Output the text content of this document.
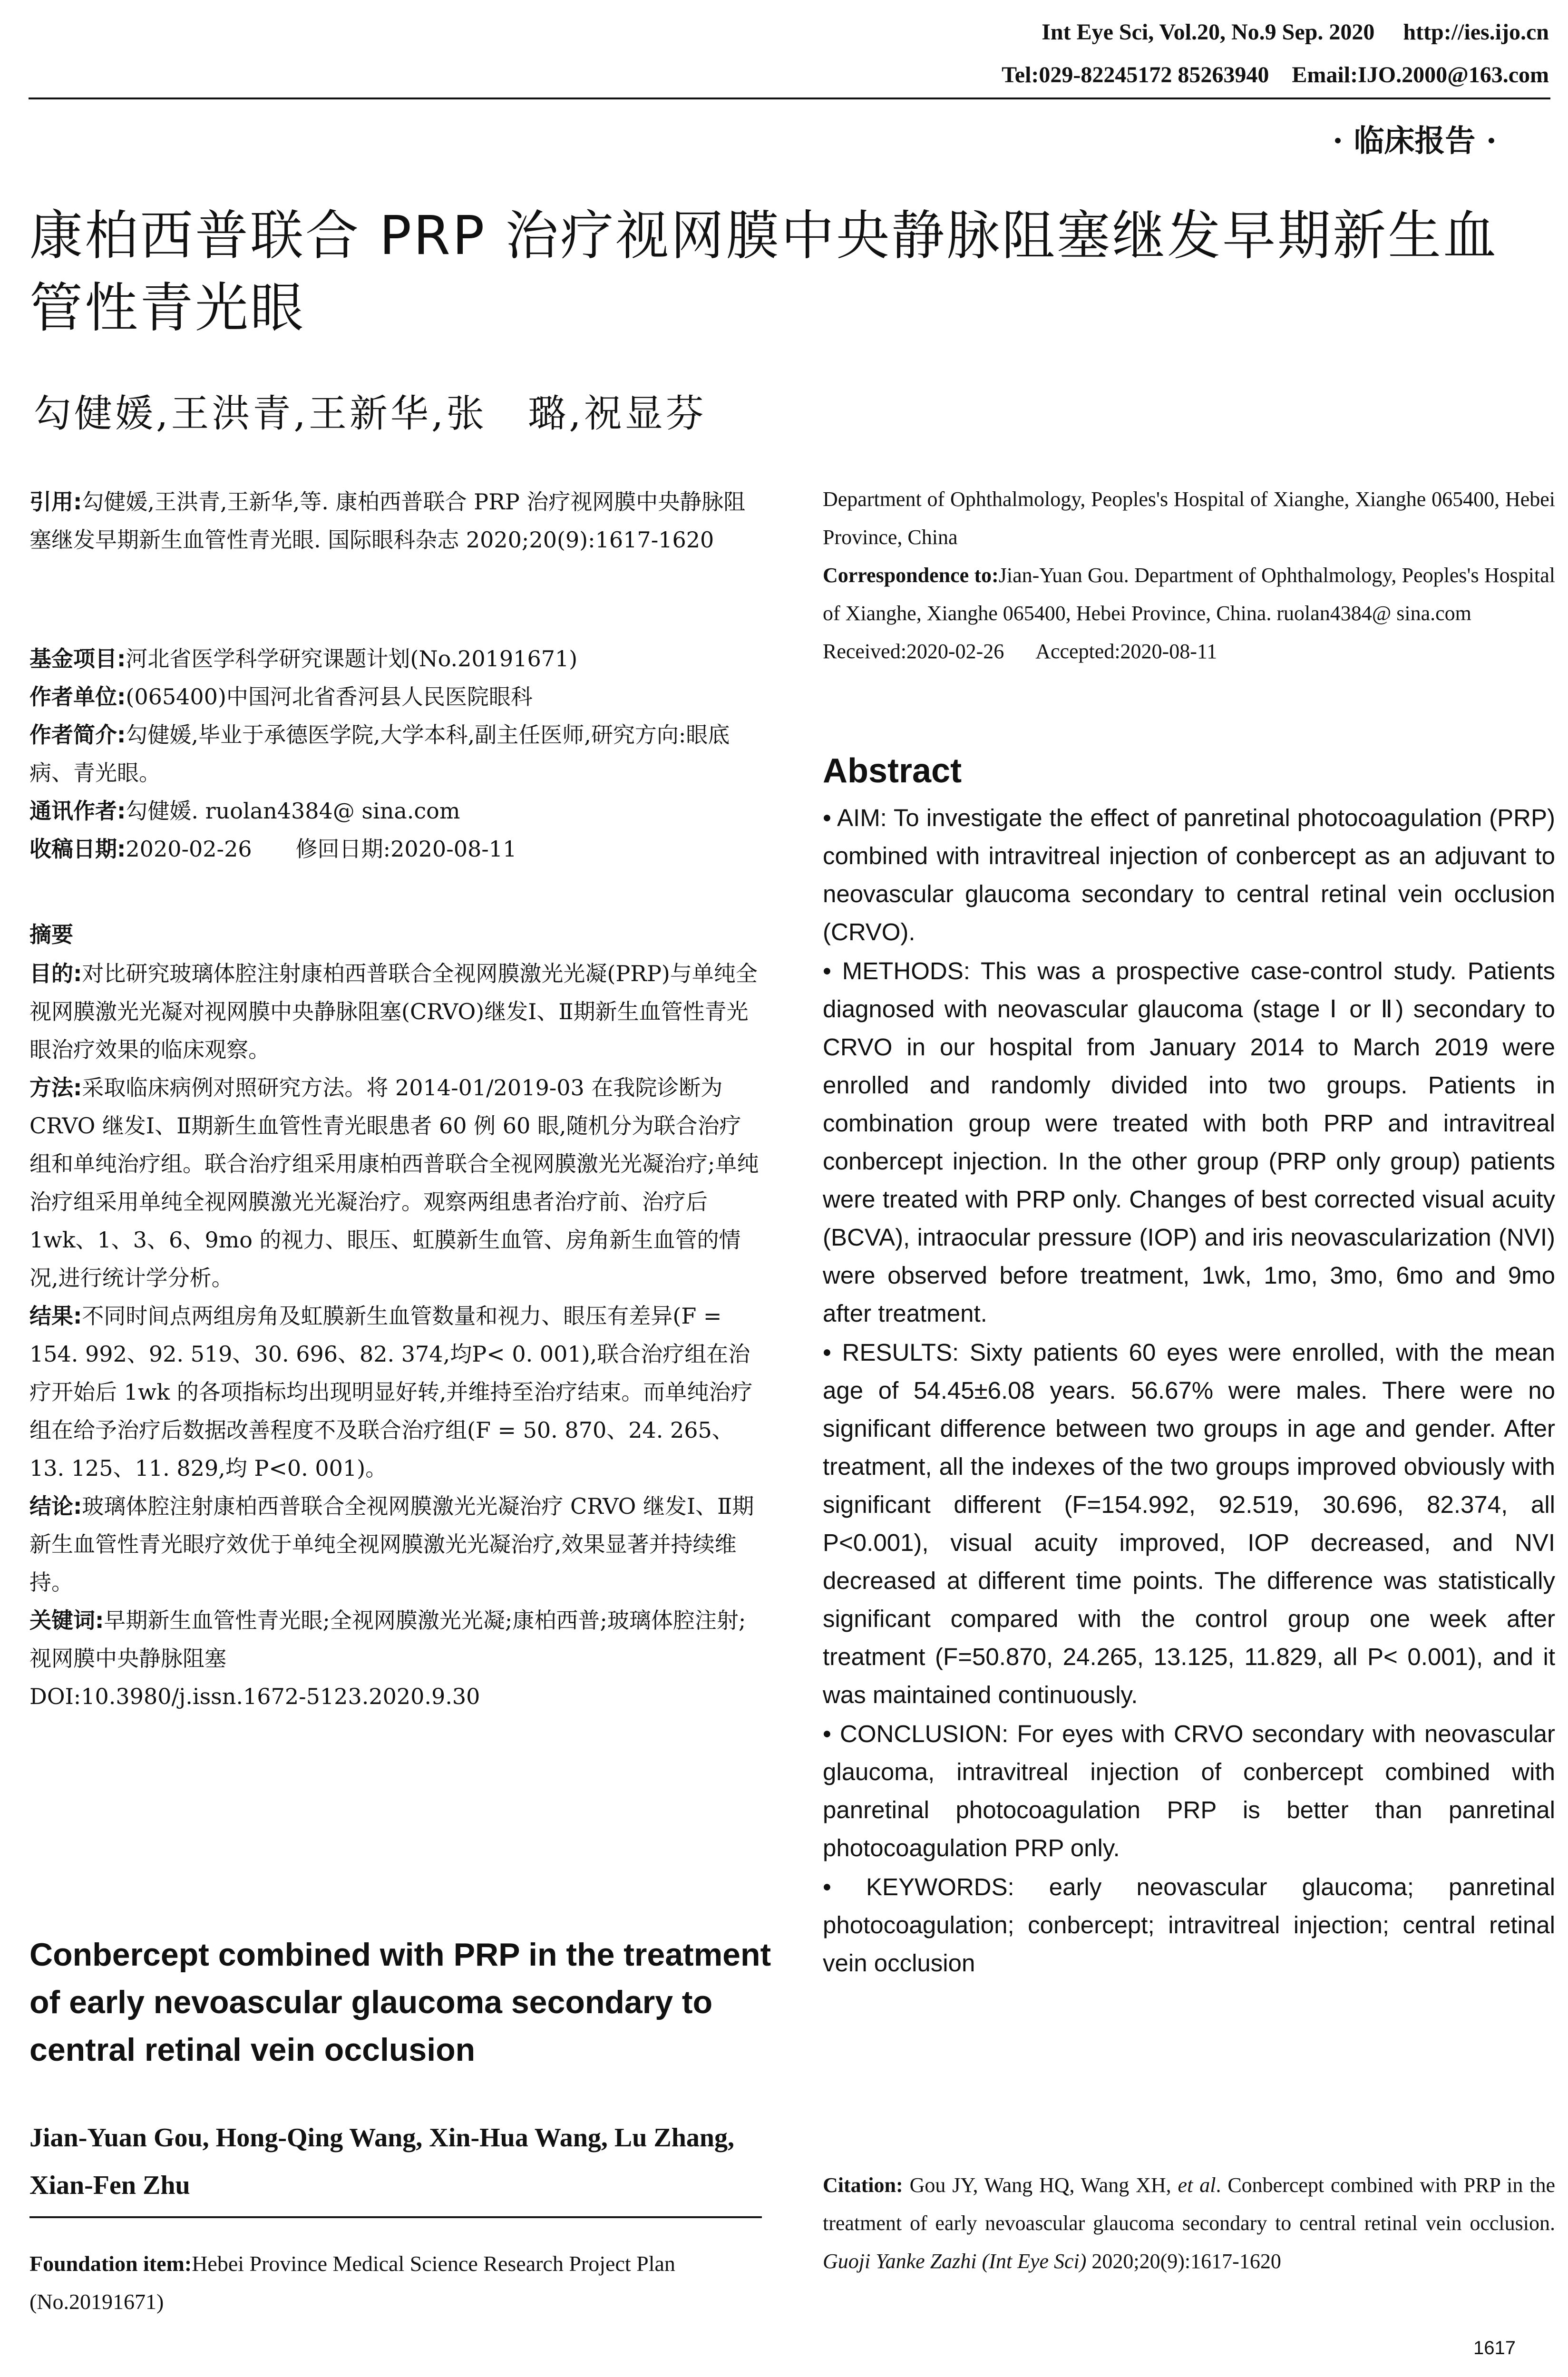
Int Eye Sci, Vol.20, No.9 Sep. 2020 http://ies.ijo.cn
Tel:029-82245172 85263940 Email:IJO.2000@163.com
· 临床报告 ·
康柏西普联合 PRP 治疗视网膜中央静脉阻塞继发早期新生血管性青光眼
勾健媛,王洪青,王新华,张　璐,祝显芬
引用:勾健媛,王洪青,王新华,等. 康柏西普联合 PRP 治疗视网膜中央静脉阻塞继发早期新生血管性青光眼. 国际眼科杂志 2020;20(9):1617-1620

基金项目:河北省医学科学研究课题计划(No.20191671)

作者单位:(065400)中国河北省香河县人民医院眼科

作者简介:勾健媛,毕业于承德医学院,大学本科,副主任医师,研究方向:眼底病、青光眼。

通讯作者:勾健媛. ruolan4384@ sina.com

收稿日期:2020-02-26　　修回日期:2020-08-11

摘要

目的:对比研究玻璃体腔注射康柏西普联合全视网膜激光光凝(PRP)与单纯全视网膜激光光凝对视网膜中央静脉阻塞(CRVO)继发Ⅰ、Ⅱ期新生血管性青光眼治疗效果的临床观察。

方法:采取临床病例对照研究方法。将 2014-01/2019-03 在我院诊断为 CRVO 继发Ⅰ、Ⅱ期新生血管性青光眼患者 60 例 60 眼,随机分为联合治疗组和单纯治疗组。联合治疗组采用康柏西普联合全视网膜激光光凝治疗;单纯治疗组采用单纯全视网膜激光光凝治疗。观察两组患者治疗前、治疗后 1wk、1、3、6、9mo 的视力、眼压、虹膜新生血管、房角新生血管的情况,进行统计学分析。

结果:不同时间点两组房角及虹膜新生血管数量和视力、眼压有差异(F = 154. 992、92. 519、30. 696、82. 374,均P< 0. 001),联合治疗组在治疗开始后 1wk 的各项指标均出现明显好转,并维持至治疗结束。而单纯治疗组在给予治疗后数据改善程度不及联合治疗组(F = 50. 870、24. 265、13. 125、11. 829,均 P<0. 001)。

结论:玻璃体腔注射康柏西普联合全视网膜激光光凝治疗 CRVO 继发Ⅰ、Ⅱ期新生血管性青光眼疗效优于单纯全视网膜激光光凝治疗,效果显著并持续维持。

关键词:早期新生血管性青光眼;全视网膜激光光凝;康柏西普;玻璃体腔注射;视网膜中央静脉阻塞

DOI:10.3980/j.issn.1672-5123.2020.9.30

Conbercept combined with PRP in the treatment of early nevoascular glaucoma secondary to central retinal vein occlusion
Jian-Yuan Gou, Hong-Qing Wang, Xin-Hua Wang, Lu Zhang, Xian-Fen Zhu
Foundation item:Hebei Province Medical Science Research Project Plan (No.20191671)

Department of Ophthalmology, Peoples's Hospital of Xianghe, Xianghe 065400, Hebei Province, China

Correspondence to:Jian-Yuan Gou. Department of Ophthalmology, Peoples's Hospital of Xianghe, Xianghe 065400, Hebei Province, China. ruolan4384@ sina.com

Received:2020-02-26 Accepted:2020-08-11

Abstract

• AIM: To investigate the effect of panretinal photocoagulation (PRP) combined with intravitreal injection of conbercept as an adjuvant to neovascular glaucoma secondary to central retinal vein occlusion (CRVO).

• METHODS: This was a prospective case-control study. Patients diagnosed with neovascular glaucoma (stage Ⅰ or Ⅱ) secondary to CRVO in our hospital from January 2014 to March 2019 were enrolled and randomly divided into two groups. Patients in combination group were treated with both PRP and intravitreal conbercept injection. In the other group (PRP only group) patients were treated with PRP only. Changes of best corrected visual acuity (BCVA), intraocular pressure (IOP) and iris neovascularization (NVI) were observed before treatment, 1wk, 1mo, 3mo, 6mo and 9mo after treatment.

• RESULTS: Sixty patients 60 eyes were enrolled, with the mean age of 54.45±6.08 years. 56.67% were males. There were no significant difference between two groups in age and gender. After treatment, all the indexes of the two groups improved obviously with significant different (F=154.992, 92.519, 30.696, 82.374, all P<0.001), visual acuity improved, IOP decreased, and NVI decreased at different time points. The difference was statistically significant compared with the control group one week after treatment (F=50.870, 24.265, 13.125, 11.829, all P< 0.001), and it was maintained continuously.

• CONCLUSION: For eyes with CRVO secondary with neovascular glaucoma, intravitreal injection of conbercept combined with panretinal photocoagulation PRP is better than panretinal photocoagulation PRP only.

• KEYWORDS: early neovascular glaucoma; panretinal photocoagulation; conbercept; intravitreal injection; central retinal vein occlusion

Citation: Gou JY, Wang HQ, Wang XH, et al. Conbercept combined with PRP in the treatment of early nevoascular glaucoma secondary to central retinal vein occlusion. Guoji Yanke Zazhi (Int Eye Sci) 2020;20(9):1617-1620
1617
